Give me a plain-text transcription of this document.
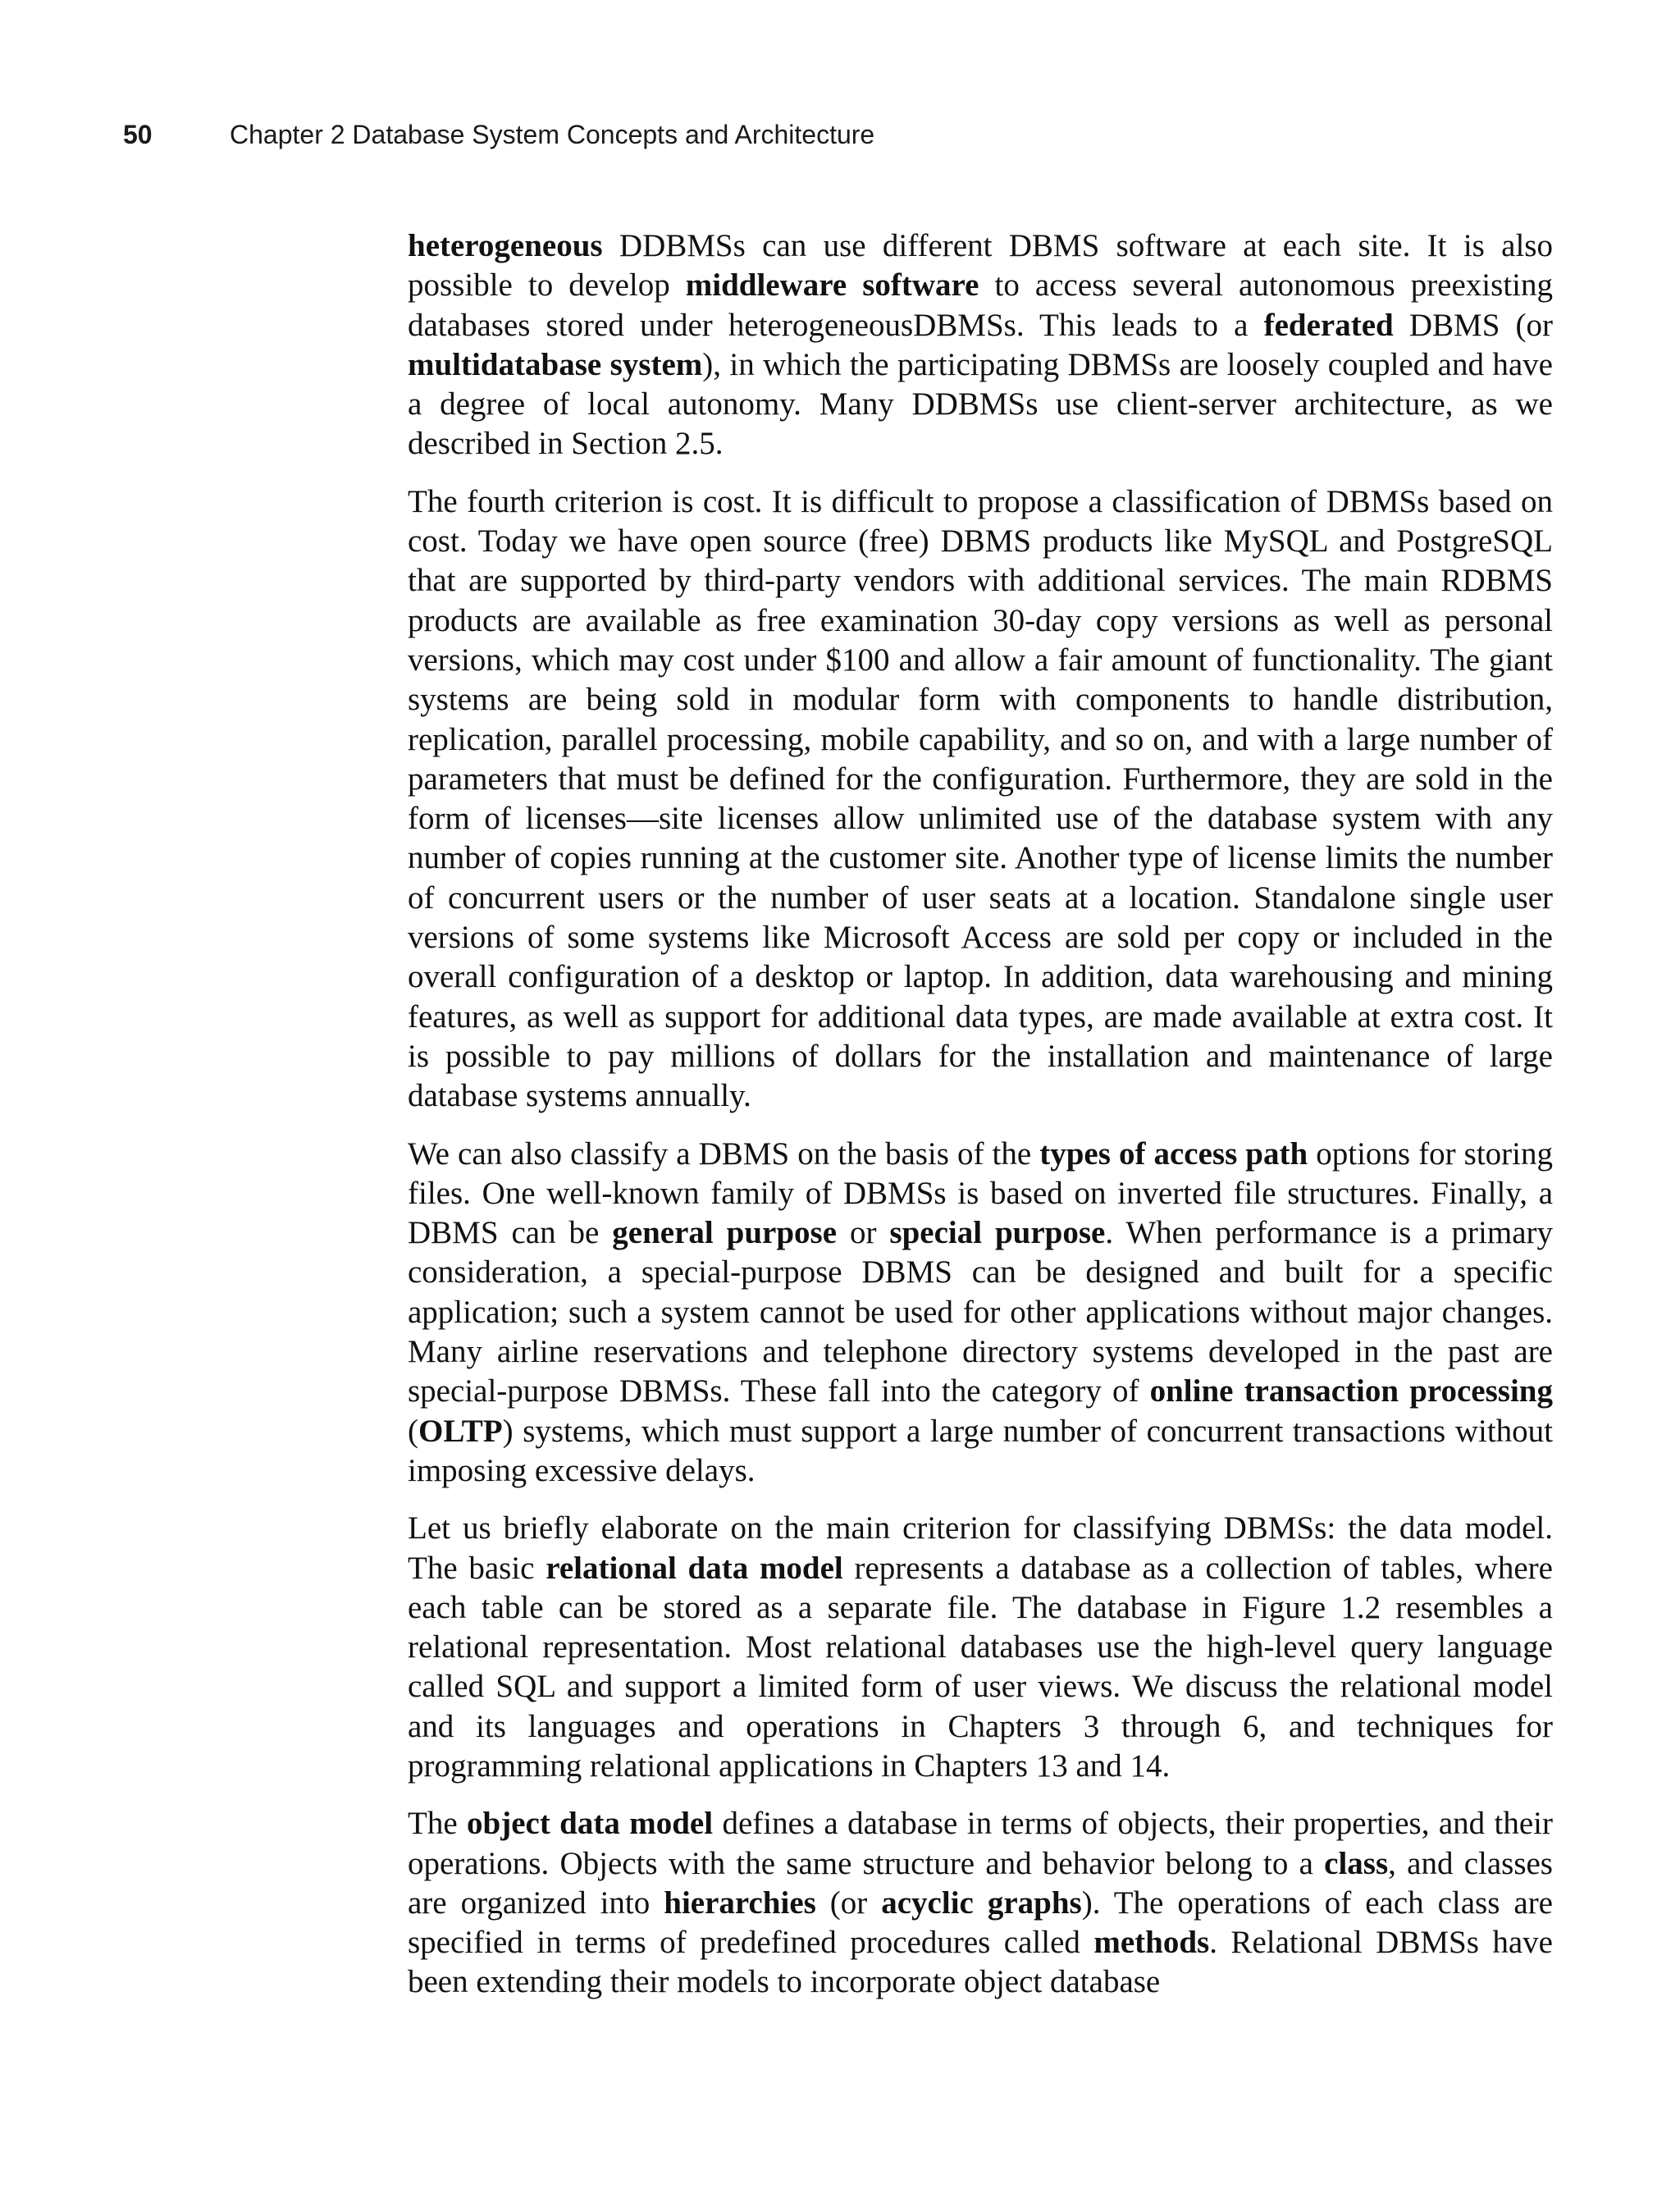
50	Chapter 2 Database System Concepts and Architecture

heterogeneous DDBMSs can use different DBMS software at each site. It is also possible to develop middleware software to access several autonomous preexisting databases stored under heterogeneousDBMSs. This leads to a federated DBMS (or multidatabase system), in which the participating DBMSs are loosely coupled and have a degree of local autonomy. Many DDBMSs use client-server architecture, as we described in Section 2.5.

The fourth criterion is cost. It is difficult to propose a classification of DBMSs based on cost. Today we have open source (free) DBMS products like MySQL and PostgreSQL that are supported by third-party vendors with additional services. The main RDBMS products are available as free examination 30-day copy versions as well as personal versions, which may cost under $100 and allow a fair amount of functionality. The giant systems are being sold in modular form with components to handle distribution, replication, parallel processing, mobile capability, and so on, and with a large number of parameters that must be defined for the configuration. Furthermore, they are sold in the form of licenses—site licenses allow unlimited use of the database system with any number of copies running at the customer site. Another type of license limits the number of concurrent users or the number of user seats at a location. Standalone single user versions of some systems like Microsoft Access are sold per copy or included in the overall configuration of a desktop or laptop. In addition, data warehousing and mining features, as well as support for additional data types, are made available at extra cost. It is possible to pay millions of dollars for the installation and maintenance of large database systems annually.

We can also classify a DBMS on the basis of the types of access path options for storing files. One well-known family of DBMSs is based on inverted file structures. Finally, a DBMS can be general purpose or special purpose. When performance is a primary consideration, a special-purpose DBMS can be designed and built for a specific application; such a system cannot be used for other applications without major changes. Many airline reservations and telephone directory systems developed in the past are special-purpose DBMSs. These fall into the category of online transaction processing (OLTP) systems, which must support a large number of concurrent transactions without imposing excessive delays.

Let us briefly elaborate on the main criterion for classifying DBMSs: the data model. The basic relational data model represents a database as a collection of tables, where each table can be stored as a separate file. The database in Figure 1.2 resembles a relational representation. Most relational databases use the high-level query language called SQL and support a limited form of user views. We discuss the relational model and its languages and operations in Chapters 3 through 6, and techniques for programming relational applications in Chapters 13 and 14.

The object data model defines a database in terms of objects, their properties, and their operations. Objects with the same structure and behavior belong to a class, and classes are organized into hierarchies (or acyclic graphs). The operations of each class are specified in terms of predefined procedures called methods. Relational DBMSs have been extending their models to incorporate object database
